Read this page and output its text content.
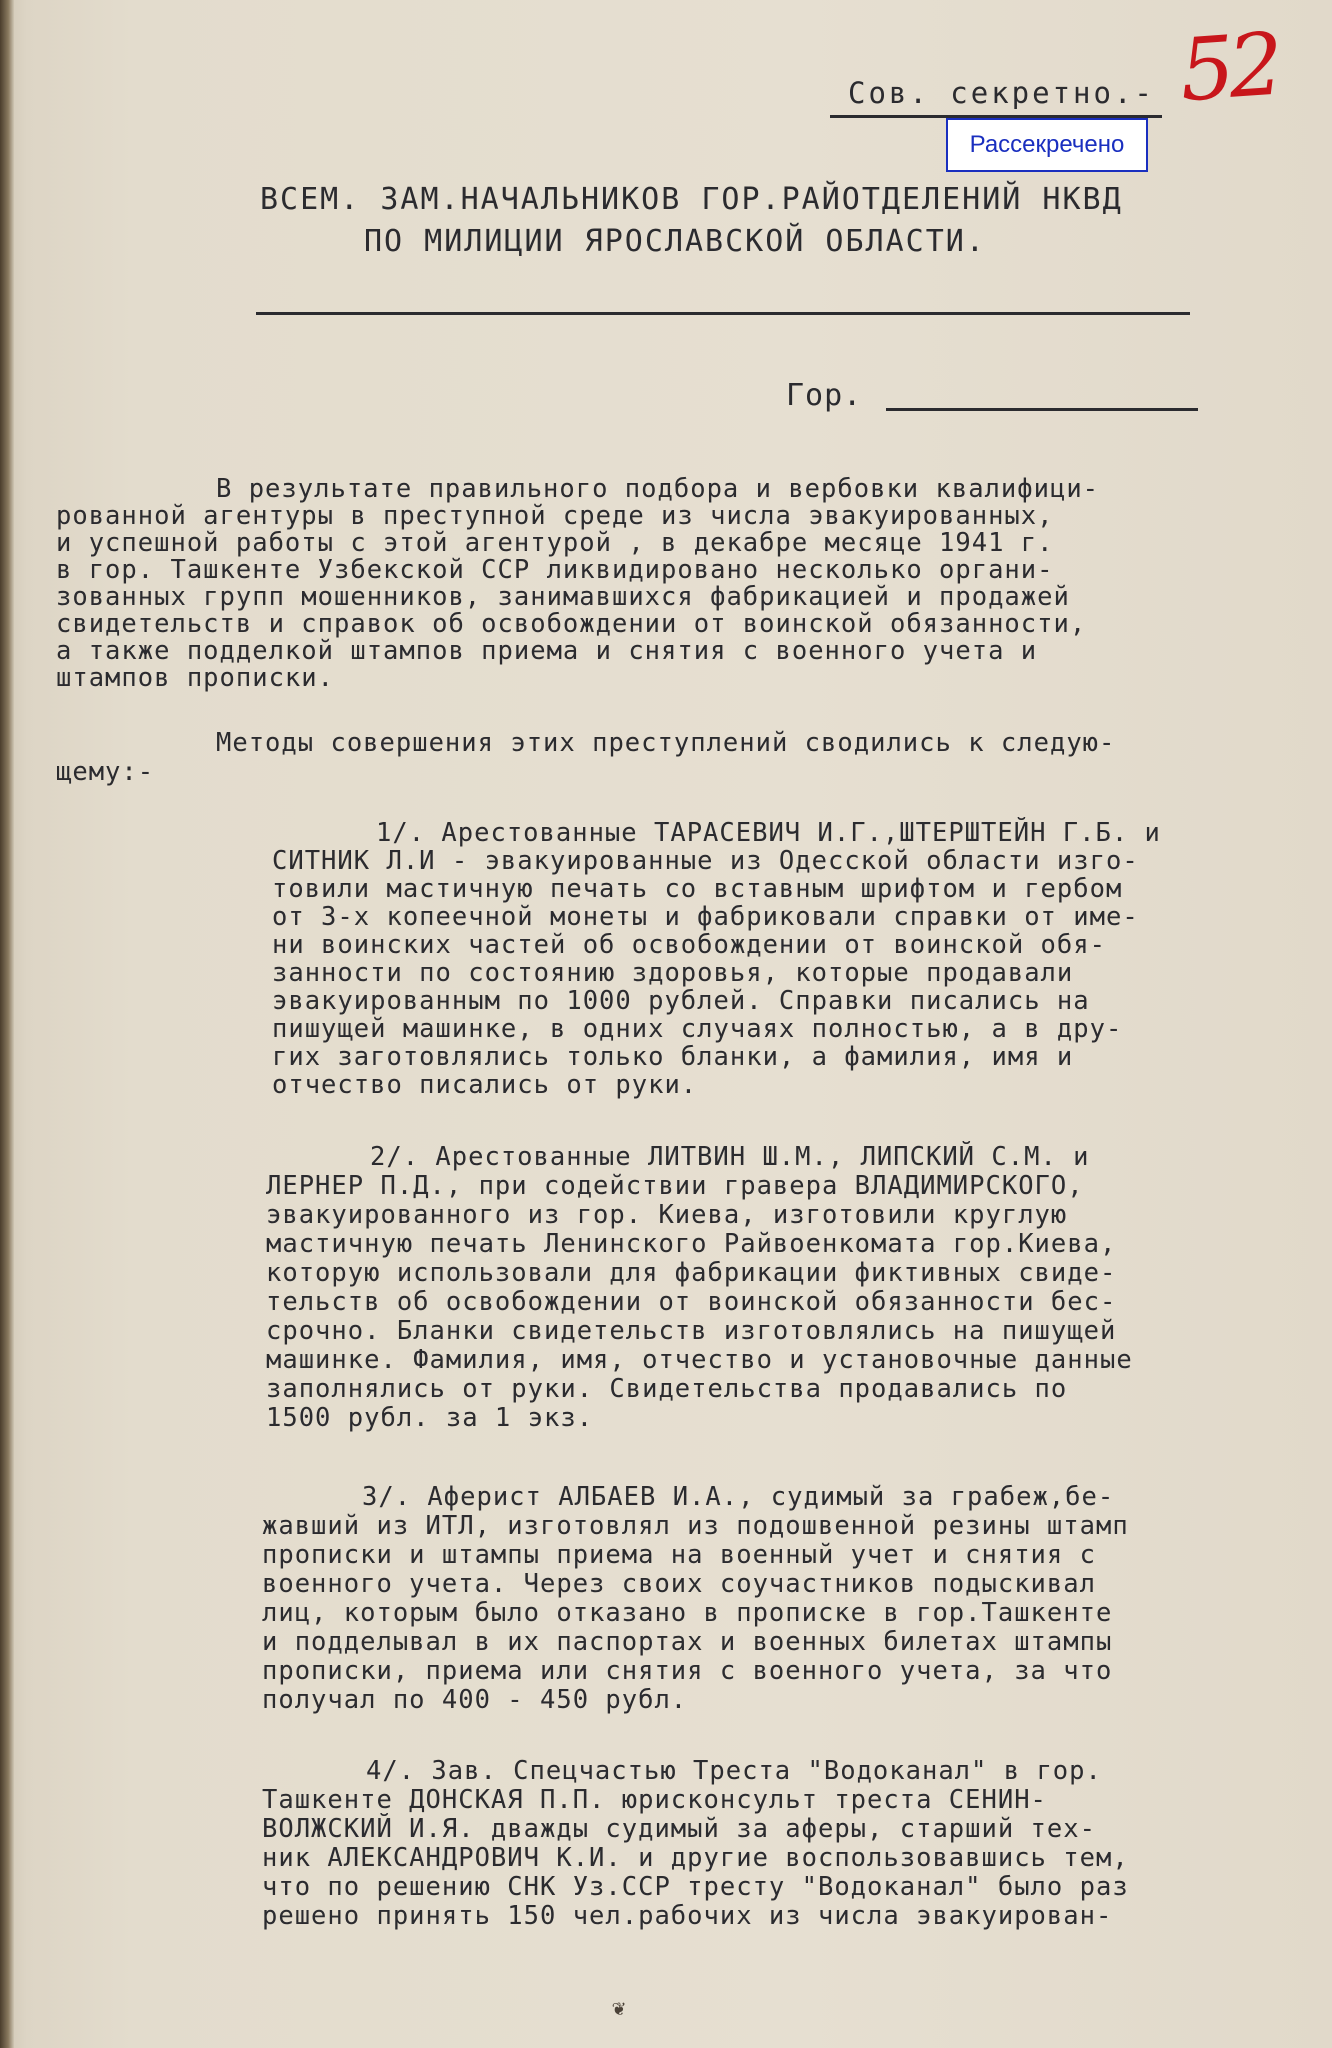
Сов. секретно.-
Рассекречено
52
ВСЕМ. ЗАМ.НАЧАЛЬНИКОВ ГОР.РАЙОТДЕЛЕНИЙ НКВД
ПО МИЛИЦИИ ЯРОСЛАВСКОЙ ОБЛАСТИ.
Гор.
В результате правильного подбора и вербовки квалифици-
рованной агентуры в преступной среде из числа эвакуированных,
и успешной работы с этой агентурой , в декабре месяце 1941 г.
в гор. Ташкенте Узбекской ССР ликвидировано несколько органи-
зованных групп мошенников, занимавшихся фабрикацией и продажей
свидетельств и справок об освобождении от воинской обязанности,
а также подделкой штампов приема и снятия с военного учета и
штампов прописки.
Методы совершения этих преступлений сводились к следую-
щему:-
1/. Арестованные ТАРАСЕВИЧ И.Г.,ШТЕРШТЕЙН Г.Б. и
СИТНИК Л.И - эвакуированные из Одесской области изго-
товили мастичную печать со вставным шрифтом и гербом
от 3-х копеечной монеты и фабриковали справки от име-
ни воинских частей об освобождении от воинской обя-
занности по состоянию здоровья, которые продавали
эвакуированным по 1000 рублей. Справки писались на
пишущей машинке, в одних случаях полностью, а в дру-
гих заготовлялись только бланки, а фамилия, имя и
отчество писались от руки.
2/. Арестованные ЛИТВИН Ш.М., ЛИПСКИЙ С.М. и
ЛЕРНЕР П.Д., при содействии гравера ВЛАДИМИРСКОГО,
эвакуированного из гор. Киева, изготовили круглую
мастичную печать Ленинского Райвоенкомата гор.Киева,
которую использовали для фабрикации фиктивных свиде-
тельств об освобождении от воинской обязанности бес-
срочно. Бланки свидетельств изготовлялись на пишущей
машинке. Фамилия, имя, отчество и установочные данные
заполнялись от руки. Свидетельства продавались по
1500 рубл. за 1 экз.
3/. Аферист АЛБАЕВ И.А., судимый за грабеж,бе-
жавший из ИТЛ, изготовлял из подошвенной резины штамп
прописки и штампы приема на военный учет и снятия с
военного учета. Через своих соучастников подыскивал
лиц, которым было отказано в прописке в гор.Ташкенте
и подделывал в их паспортах и военных билетах штампы
прописки, приема или снятия с военного учета, за что
получал по 400 - 450 рубл.
4/. Зав. Спецчастью Треста "Водоканал" в гор.
Ташкенте ДОНСКАЯ П.П. юрисконсульт треста СЕНИН-
ВОЛЖСКИЙ И.Я. дважды судимый за аферы, старший тех-
ник АЛЕКСАНДРОВИЧ К.И. и другие воспользовавшись тем,
что по решению СНК Уз.ССР тресту "Водоканал" было раз
решено принять 150 чел.рабочих из числа эвакуирован-
❦
